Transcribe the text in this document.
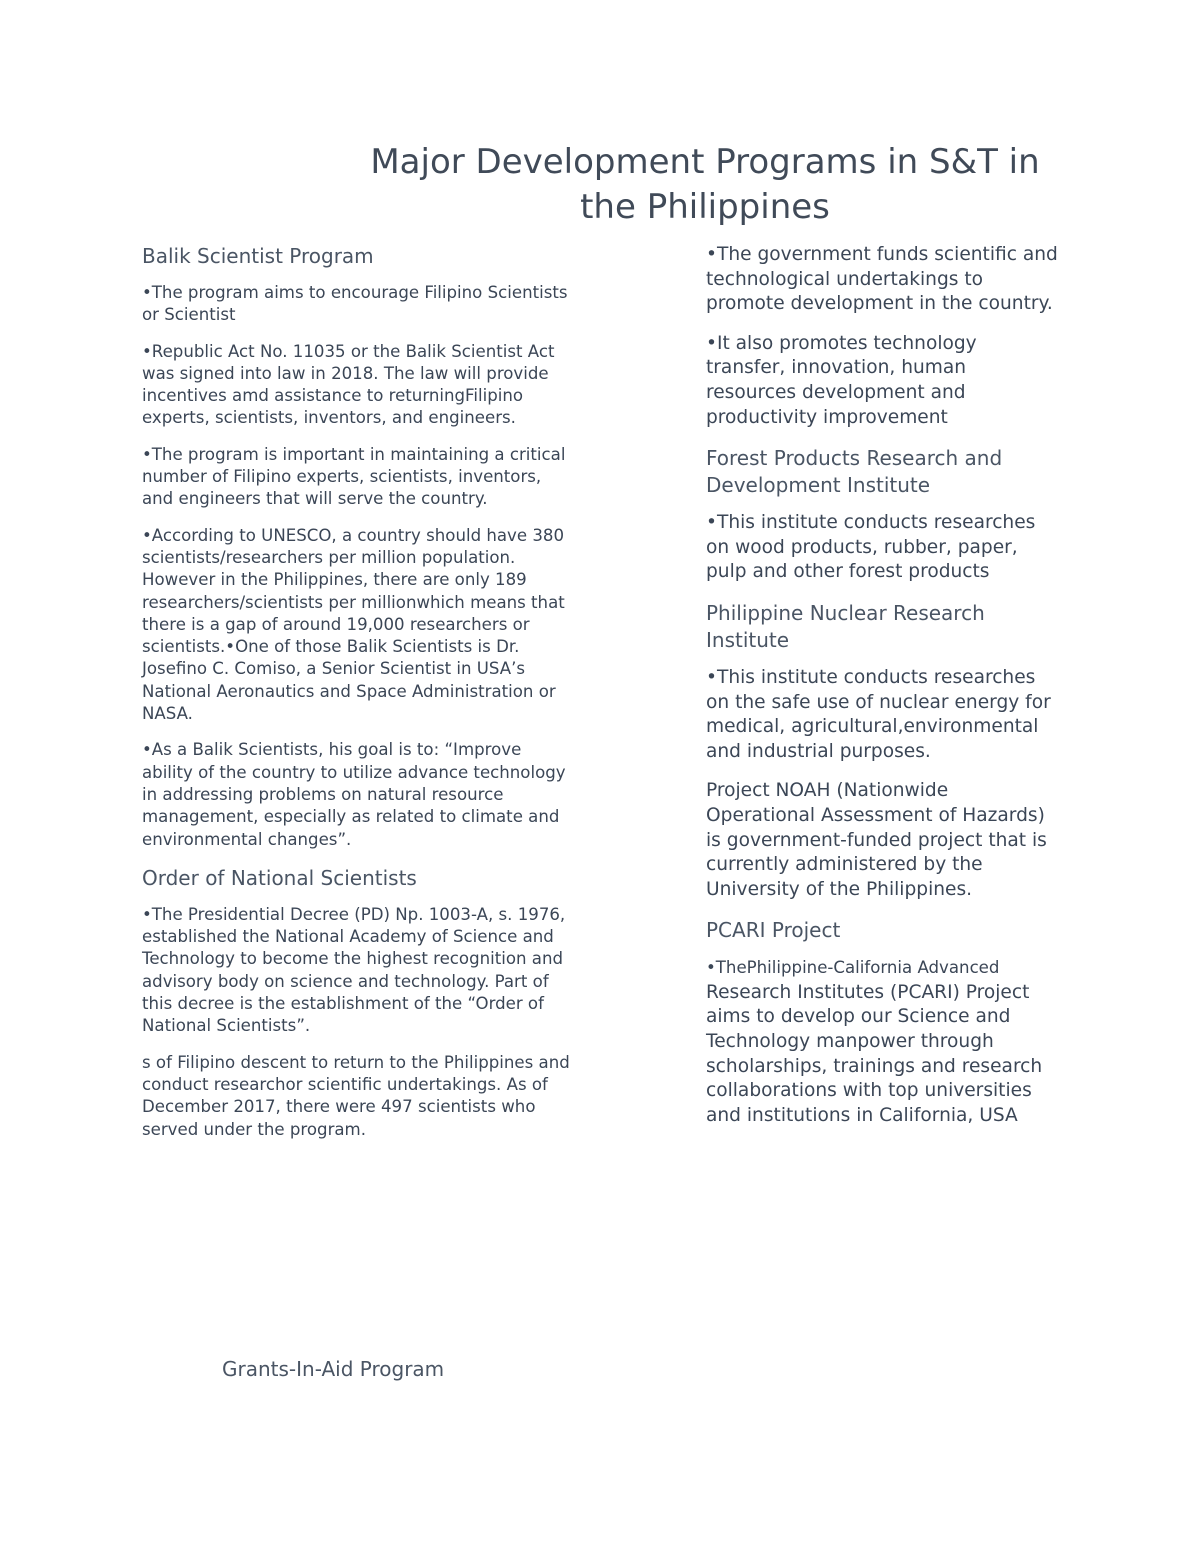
Major Development Programs in S&T in the Philippines
Balik Scientist Program

•The program aims to encourage Filipino Scientists or Scientist

•Republic Act No. 11035 or the Balik Scientist Act was signed into law in 2018. The law will provide incentives amd assistance to returningFilipino experts, scientists, inventors, and engineers.

•The program is important in maintaining a critical number of Filipino experts, scientists, inventors, and engineers that will serve the country.

•According to UNESCO, a country should have 380 scientists/researchers per million population. However in the Philippines, there are only 189 researchers/scientists per millionwhich means that there is a gap of around 19,000 researchers or scientists.•One of those Balik Scientists is Dr. Josefino C. Comiso, a Senior Scientist in USA’s National Aeronautics and Space Administration or NASA.

•As a Balik Scientists, his goal is to: “Improve ability of the country to utilize advance technology in addressing problems on natural resource management, especially as related to climate and environmental changes”.

Order of National Scientists

•The Presidential Decree (PD) Np. 1003-A, s. 1976, established the National Academy of Science and Technology to become the highest recognition and advisory body on science and technology. Part of this decree is the establishment of the “Order of National Scientists”.

s of Filipino descent to return to the Philippines and conduct researchor scientific undertakings. As of December 2017, there were 497 scientists who served under the program.

•The government funds scientific and technological undertakings to promote development in the country.

•It also promotes technology transfer, innovation, human resources development and productivity improvement

Forest Products Research and Development Institute

•This institute conducts researches on wood products, rubber, paper, pulp and other forest products

Philippine Nuclear Research Institute

•This institute conducts researches on the safe use of nuclear energy for medical, agricultural,environmental and industrial purposes.

Project NOAH (Nationwide Operational Assessment of Hazards) is government-funded project that is currently administered by the University of the Philippines.

PCARI Project

•ThePhilippine-California Advanced Research Institutes (PCARI) Project aims to develop our Science and Technology manpower through scholarships, trainings and research collaborations with top universities and institutions in California, USA

Grants-In-Aid Program
